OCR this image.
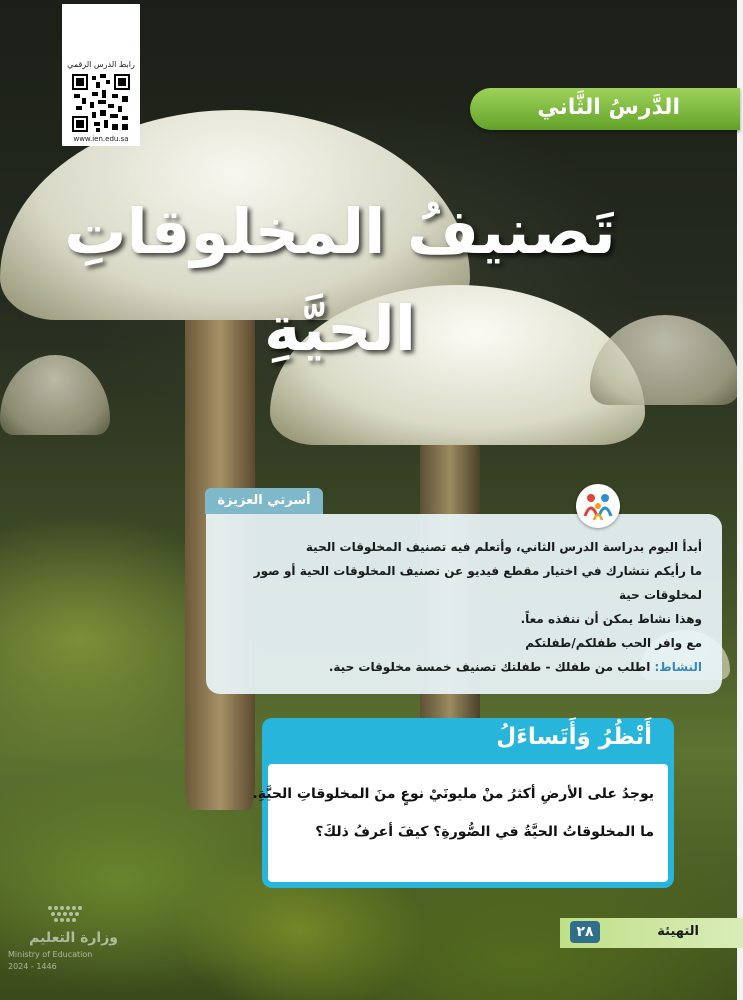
رابط الدرس الرقمي
www.ien.edu.sa
الدَّرسُ الثَّاني
تَصنيفُ المخلوقاتِ
الحيَّةِ
أسرتي العزيزة
أبدأ اليوم بدراسة الدرس الثاني، وأتعلم فيه تصنيف المخلوقات الحية
ما رأيكم نتشارك في اختيار مقطع فيديو عن تصنيف المخلوقات الحية أو صور
لمخلوقات حية
وهذا نشاط يمكن أن ننفذه معاً.
مع وافر الحب طفلكم/طفلتكم
النشاط: اطلب من طفلك - طفلتك تصنيف خمسة مخلوقات حية.
أَنْظُرُ وَأَتَساءَلُ
يوجدُ على الأرضِ أكثرُ منْ مليونَيْ نوعٍ منَ المخلوقاتِ الحيَّةِ.
ما المخلوقاتُ الحيَّةُ في الصُّورةِ؟ كيفَ أعرفُ ذلكَ؟
التهيئة
٢٨
وزارة التعليم
Ministry of Education
2024 - 1446
